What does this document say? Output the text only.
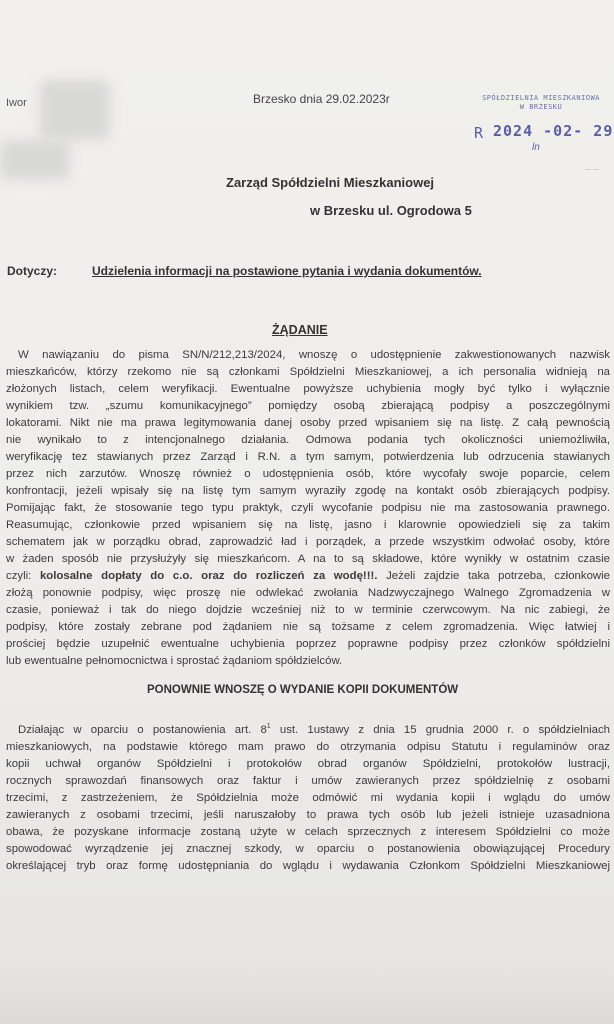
Iwor	Brzesko dnia 29.02.2023r	SPÓŁDZIELNIA MIESZKANIOWA
W BRZESKU
R 2024 -02- 29
ln
⋯⋯
Zarząd Spółdzielni Mieszkaniowej
w Brzesku ul. Ogrodowa 5
Dotyczy:	Udzielenia informacji na postawione pytania i wydania dokumentów.
ŻĄDANIE
W nawiązaniu do pisma SN/N/212,213/2024, wnoszę o udostępnienie zakwestionowanych nazwisk
mieszkańców, którzy rzekomo nie są członkami Spółdzielni Mieszkaniowej, a ich personalia widnieją na
złożonych listach, celem weryfikacji. Ewentualne powyższe uchybienia mogły być tylko i wyłącznie
wynikiem tzw. „szumu komunikacyjnego” pomiędzy osobą zbierającą podpisy a poszczególnymi
lokatorami. Nikt nie ma prawa legitymowania danej osoby przed wpisaniem się na listę. Z całą pewnością
nie wynikało to z intencjonalnego działania. Odmowa podania tych okoliczności uniemożliwiła,
weryfikację tez stawianych przez Zarząd i R.N. a tym samym, potwierdzenia lub odrzucenia stawianych
przez nich zarzutów. Wnoszę również o udostępnienia osób, które wycofały swoje poparcie, celem
konfrontacji, jeżeli wpisały się na listę tym samym wyraziły zgodę na kontakt osób zbierających podpisy.
Pomijając fakt, że stosowanie tego typu praktyk, czyli wycofanie podpisu nie ma zastosowania prawnego.
Reasumując, członkowie przed wpisaniem się na listę, jasno i klarownie opowiedzieli się za takim
schematem jak w porządku obrad, zaprowadzić ład i porządek, a przede wszystkim odwołać osoby, które
w żaden sposób nie przysłużyły się mieszkańcom. A na to są składowe, które wynikły w ostatnim czasie
czyli: kolosalne dopłaty do c.o. oraz do rozliczeń za wodę!!!. Jeżeli zajdzie taka potrzeba, członkowie
złożą ponownie podpisy, więc proszę nie odwlekać zwołania Nadzwyczajnego Walnego Zgromadzenia w
czasie, ponieważ i tak do niego dojdzie wcześniej niż to w terminie czerwcowym. Na nic zabiegi, że
podpisy, które zostały zebrane pod żądaniem nie są tożsame z celem zgromadzenia. Więc łatwiej i
prościej będzie uzupełnić ewentualne uchybienia poprzez poprawne podpisy przez członków spółdzielni
lub ewentualne pełnomocnictwa i sprostać żądaniom spółdzielców.
PONOWNIE WNOSZĘ O WYDANIE KOPII DOKUMENTÓW
Działając w oparciu o postanowienia art. $8^1$ ust. 1ustawy z dnia 15 grudnia 2000 r. o spółdzielniach
mieszkaniowych, na podstawie którego mam prawo do otrzymania odpisu Statutu i regulaminów oraz
kopii uchwał organów Spółdzielni i protokołów obrad organów Spółdzielni, protokołów lustracji,
rocznych sprawozdań finansowych oraz faktur i umów zawieranych przez spółdzielnię z osobami
trzecimi, z zastrzeżeniem, że Spółdzielnia może odmówić mi wydania kopii i wglądu do umów
zawieranych z osobami trzecimi, jeśli naruszałoby to prawa tych osób lub jeżeli istnieje uzasadniona
obawa, że pozyskane informacje zostaną użyte w celach sprzecznych z interesem Spółdzielni co może
spowodować wyrządzenie jej znacznej szkody, w oparciu o postanowienia obowiązującej Procedury
określającej tryb oraz formę udostępniania do wglądu i wydawania Członkom Spółdzielni Mieszkaniowej
